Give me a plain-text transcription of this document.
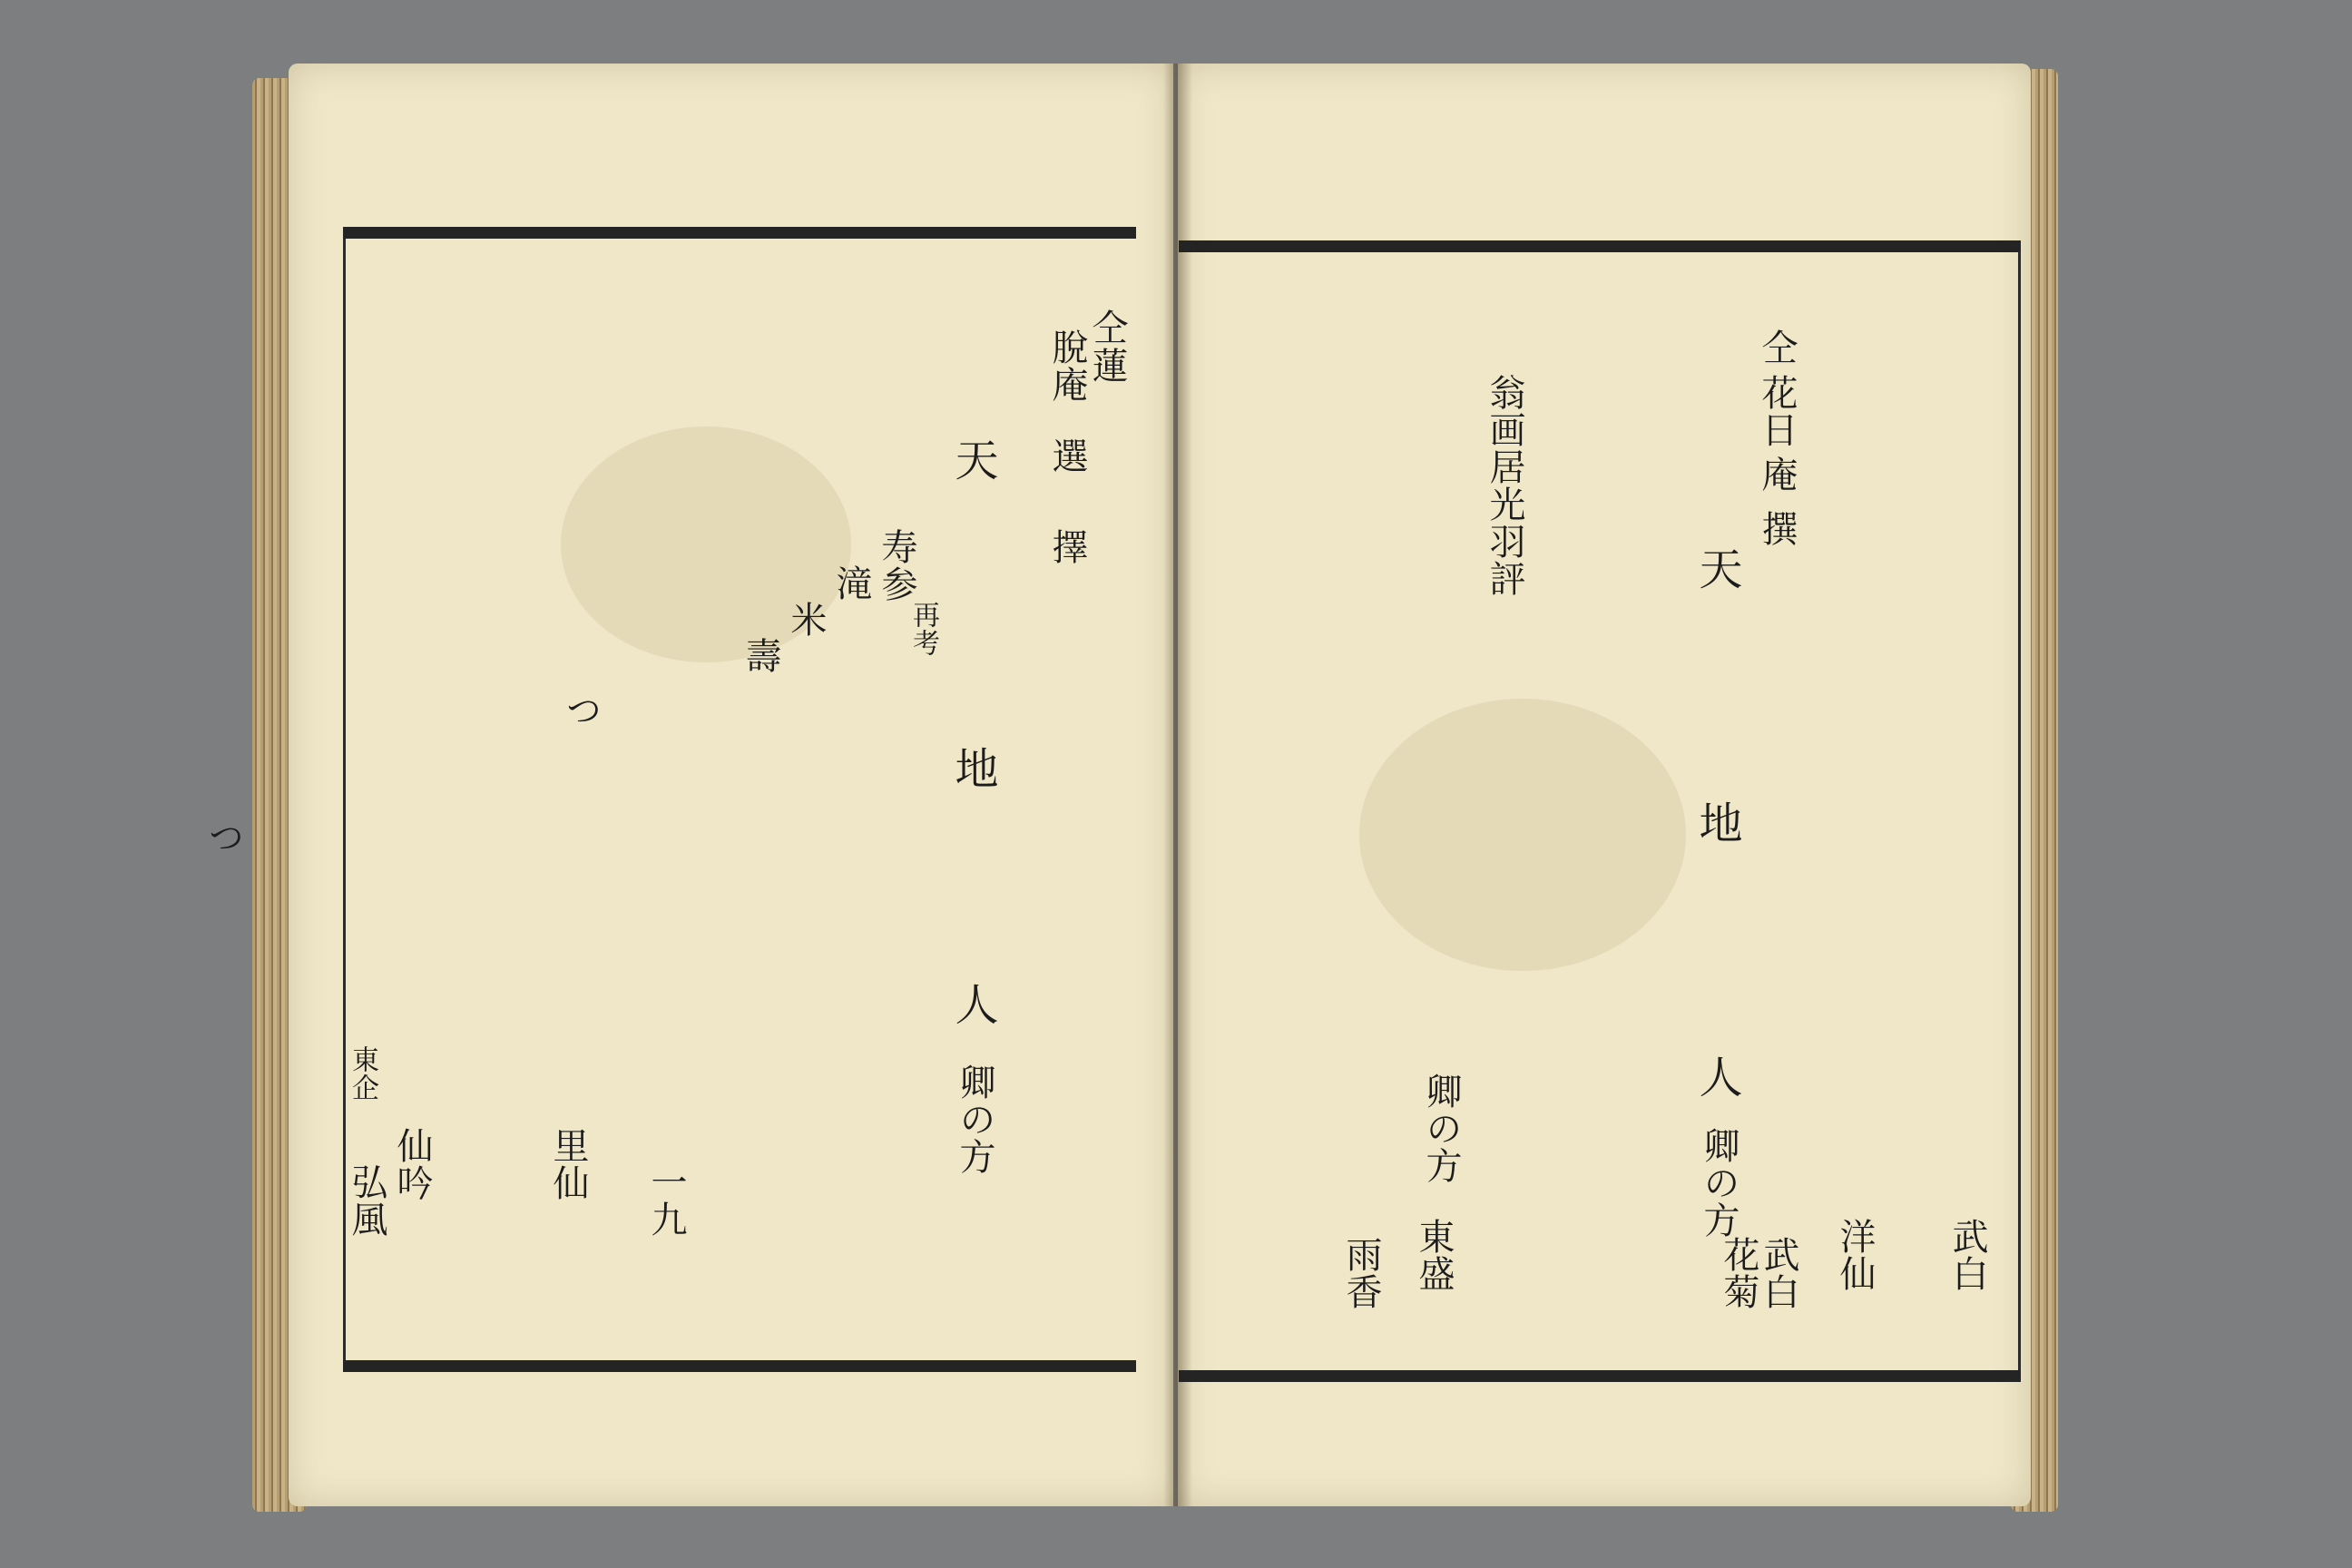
仝
蓮
脫庵
選
擇
天
地
人
卿の方
再考
寿参
滝
米
壽
つ
つ
一九
里仙
仙吟
弘風
東企
仝
花日
庵
撰
天
地
人
卿の方
翁画居光羽評
卿の方
武白
洋仙
武白
花菊
東盛
雨香
